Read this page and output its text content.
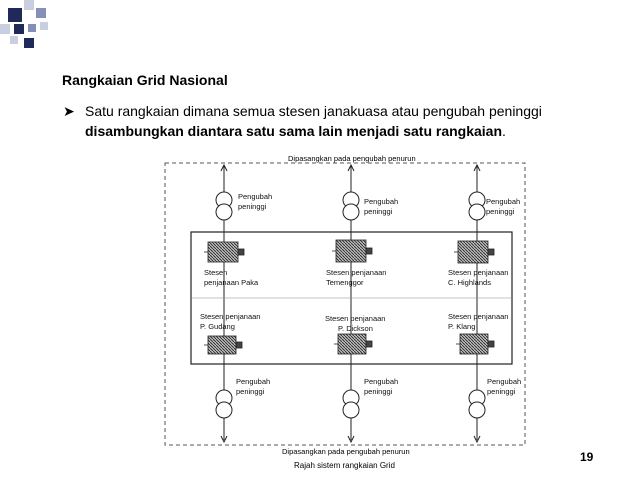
Rangkaian Grid Nasional
➤ Satu rangkaian dimana semua stesen janakuasa atau pengubah peninggi
disambungkan diantara satu sama lain menjadi satu rangkaian.
Dipasangkan pada pengubah penurun
Dipasangkan pada pengubah penurun
Rajah sistem rangkaian Grid
Pengubah
peninggi
Pengubah
peninggi
Pengubah
peninggi
Pengubah
peninggi
Pengubah
peninggi
Pengubah
peninggi
Stesen
penjanaan Paka
Stesen penjanaan
Temenggor
Stesen penjanaan
C. Highlands
Stesen penjanaan
P. Gudang
Stesen penjanaan
P. Dickson
Stesen penjanaan
P. Klang
19
